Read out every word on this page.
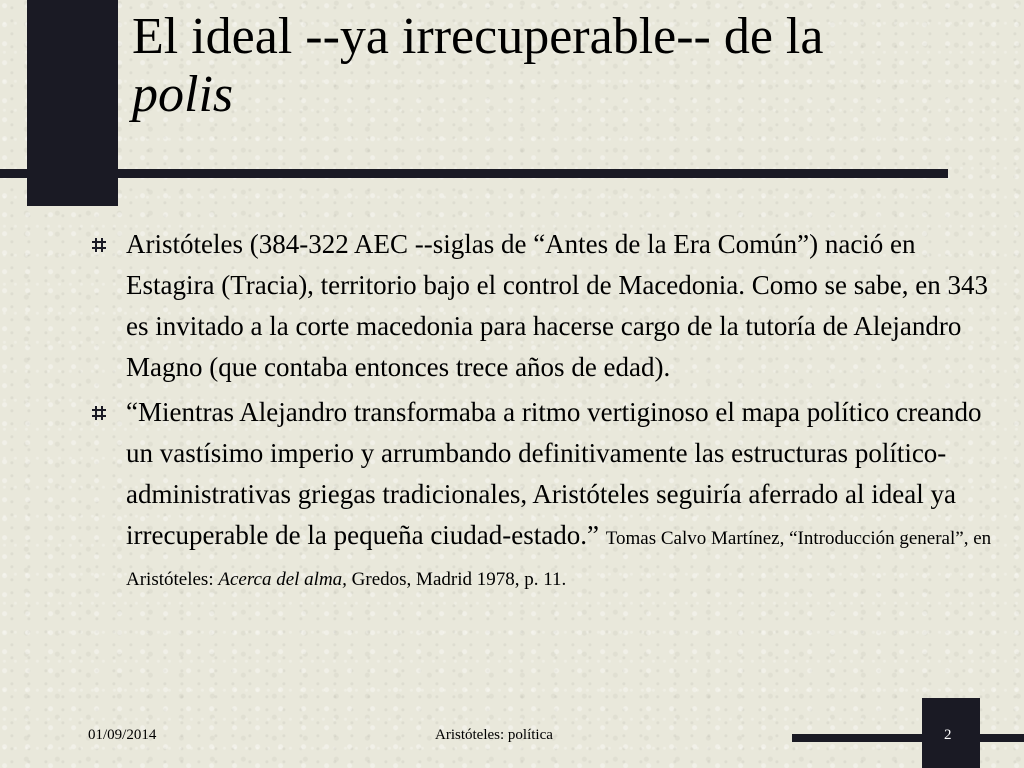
El ideal --ya irrecuperable-- de la
polis
Aristóteles (384-322 AEC --siglas de “Antes de la Era Común”) nació en Estagira (Tracia), territorio bajo el control de Macedonia. Como se sabe, en 343 es invitado a la corte macedonia para hacerse cargo de la tutoría de Alejandro Magno (que contaba entonces trece años de edad).
“Mientras Alejandro transformaba a ritmo vertiginoso el mapa político creando un vastísimo imperio y arrumbando definitivamente las estructuras político-administrativas griegas tradicionales, Aristóteles seguiría aferrado al ideal ya irrecuperable de la pequeña ciudad-estado.” Tomas Calvo Martínez, “Introducción general”, en Aristóteles: Acerca del alma, Gredos, Madrid 1978, p. 11.
01/09/2014	Aristóteles: política	2
